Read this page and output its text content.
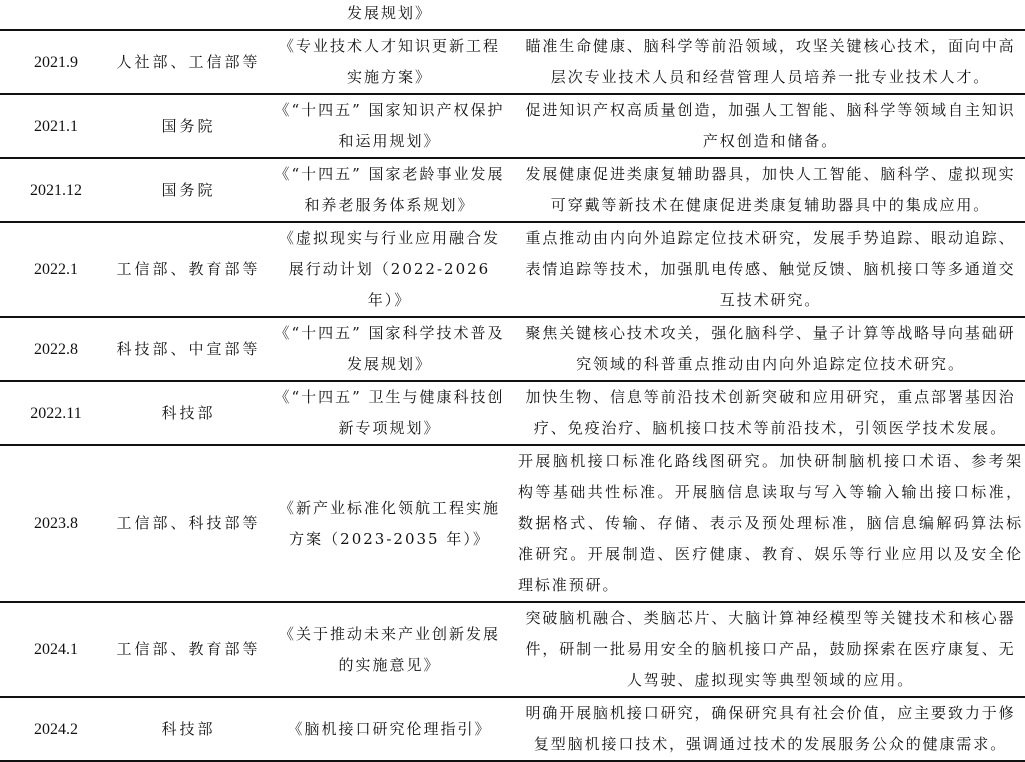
		发展规划》	
2021.9	人社部、工信部等	《专业技术人才知识更新工程实施方案》	瞄准生命健康、脑科学等前沿领域，攻坚关键核心技术，面向中高层次专业技术人员和经营管理人员培养一批专业技术人才。
2021.1	国务院	《“十四五” 国家知识产权保护和运用规划》	促进知识产权高质量创造，加强人工智能、脑科学等领域自主知识产权创造和储备。
2021.12	国务院	《“十四五” 国家老龄事业发展和养老服务体系规划》	发展健康促进类康复辅助器具，加快人工智能、脑科学、虚拟现实可穿戴等新技术在健康促进类康复辅助器具中的集成应用。
2022.1	工信部、教育部等	《虚拟现实与行业应用融合发展行动计划（2022-2026 年）》	重点推动由内向外追踪定位技术研究，发展手势追踪、眼动追踪、表情追踪等技术，加强肌电传感、触觉反馈、脑机接口等多通道交互技术研究。
2022.8	科技部、中宣部等	《“十四五” 国家科学技术普及发展规划》	聚焦关键核心技术攻关，强化脑科学、量子计算等战略导向基础研究领域的科普重点推动由内向外追踪定位技术研究。
2022.11	科技部	《“十四五” 卫生与健康科技创新专项规划》	加快生物、信息等前沿技术创新突破和应用研究，重点部署基因治疗、免疫治疗、脑机接口技术等前沿技术，引领医学技术发展。
2023.8	工信部、科技部等	《新产业标准化领航工程实施方案（2023-2035 年）》	开展脑机接口标准化路线图研究。加快研制脑机接口术语、参考架构等基础共性标准。开展脑信息读取与写入等输入输出接口标准，数据格式、传输、存储、表示及预处理标准，脑信息编解码算法标准研究。开展制造、医疗健康、教育、娱乐等行业应用以及安全伦理标准预研。
2024.1	工信部、教育部等	《关于推动未来产业创新发展的实施意见》	突破脑机融合、类脑芯片、大脑计算神经模型等关键技术和核心器件，研制一批易用安全的脑机接口产品，鼓励探索在医疗康复、无人驾驶、虚拟现实等典型领域的应用。
2024.2	科技部	《脑机接口研究伦理指引》	明确开展脑机接口研究，确保研究具有社会价值，应主要致力于修复型脑机接口技术，强调通过技术的发展服务公众的健康需求。
